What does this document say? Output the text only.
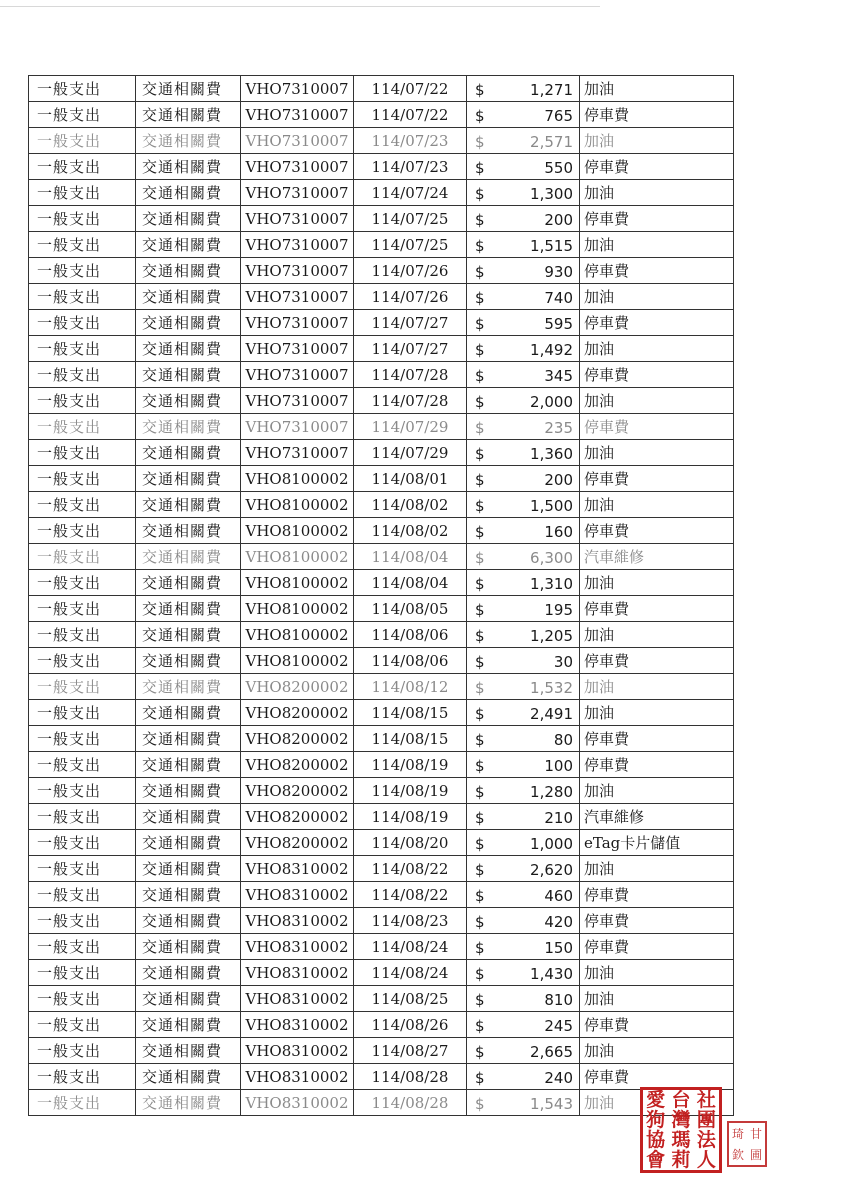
一般支出	交通相關費	VHO7310007	114/07/22	$ 1,271	加油
一般支出	交通相關費	VHO7310007	114/07/22	$ 765	停車費
一般支出	交通相關費	VHO7310007	114/07/23	$ 2,571	加油
一般支出	交通相關費	VHO7310007	114/07/23	$ 550	停車費
一般支出	交通相關費	VHO7310007	114/07/24	$ 1,300	加油
一般支出	交通相關費	VHO7310007	114/07/25	$ 200	停車費
一般支出	交通相關費	VHO7310007	114/07/25	$ 1,515	加油
一般支出	交通相關費	VHO7310007	114/07/26	$ 930	停車費
一般支出	交通相關費	VHO7310007	114/07/26	$ 740	加油
一般支出	交通相關費	VHO7310007	114/07/27	$ 595	停車費
一般支出	交通相關費	VHO7310007	114/07/27	$ 1,492	加油
一般支出	交通相關費	VHO7310007	114/07/28	$ 345	停車費
一般支出	交通相關費	VHO7310007	114/07/28	$ 2,000	加油
一般支出	交通相關費	VHO7310007	114/07/29	$ 235	停車費
一般支出	交通相關費	VHO7310007	114/07/29	$ 1,360	加油
一般支出	交通相關費	VHO8100002	114/08/01	$ 200	停車費
一般支出	交通相關費	VHO8100002	114/08/02	$ 1,500	加油
一般支出	交通相關費	VHO8100002	114/08/02	$ 160	停車費
一般支出	交通相關費	VHO8100002	114/08/04	$ 6,300	汽車維修
一般支出	交通相關費	VHO8100002	114/08/04	$ 1,310	加油
一般支出	交通相關費	VHO8100002	114/08/05	$ 195	停車費
一般支出	交通相關費	VHO8100002	114/08/06	$ 1,205	加油
一般支出	交通相關費	VHO8100002	114/08/06	$ 30	停車費
一般支出	交通相關費	VHO8200002	114/08/12	$ 1,532	加油
一般支出	交通相關費	VHO8200002	114/08/15	$ 2,491	加油
一般支出	交通相關費	VHO8200002	114/08/15	$ 80	停車費
一般支出	交通相關費	VHO8200002	114/08/19	$ 100	停車費
一般支出	交通相關費	VHO8200002	114/08/19	$ 1,280	加油
一般支出	交通相關費	VHO8200002	114/08/19	$ 210	汽車維修
一般支出	交通相關費	VHO8200002	114/08/20	$ 1,000	eTag卡片儲值
一般支出	交通相關費	VHO8310002	114/08/22	$ 2,620	加油
一般支出	交通相關費	VHO8310002	114/08/22	$ 460	停車費
一般支出	交通相關費	VHO8310002	114/08/23	$ 420	停車費
一般支出	交通相關費	VHO8310002	114/08/24	$ 150	停車費
一般支出	交通相關費	VHO8310002	114/08/24	$ 1,430	加油
一般支出	交通相關費	VHO8310002	114/08/25	$ 810	加油
一般支出	交通相關費	VHO8310002	114/08/26	$ 245	停車費
一般支出	交通相關費	VHO8310002	114/08/27	$ 2,665	加油
一般支出	交通相關費	VHO8310002	114/08/28	$ 240	停車費
一般支出	交通相關費	VHO8310002	114/08/28	$ 1,543	加油 愛 台 社
狗 灣 團
協 瑪 法
會 莉 人
琦 甘
欽 圃
